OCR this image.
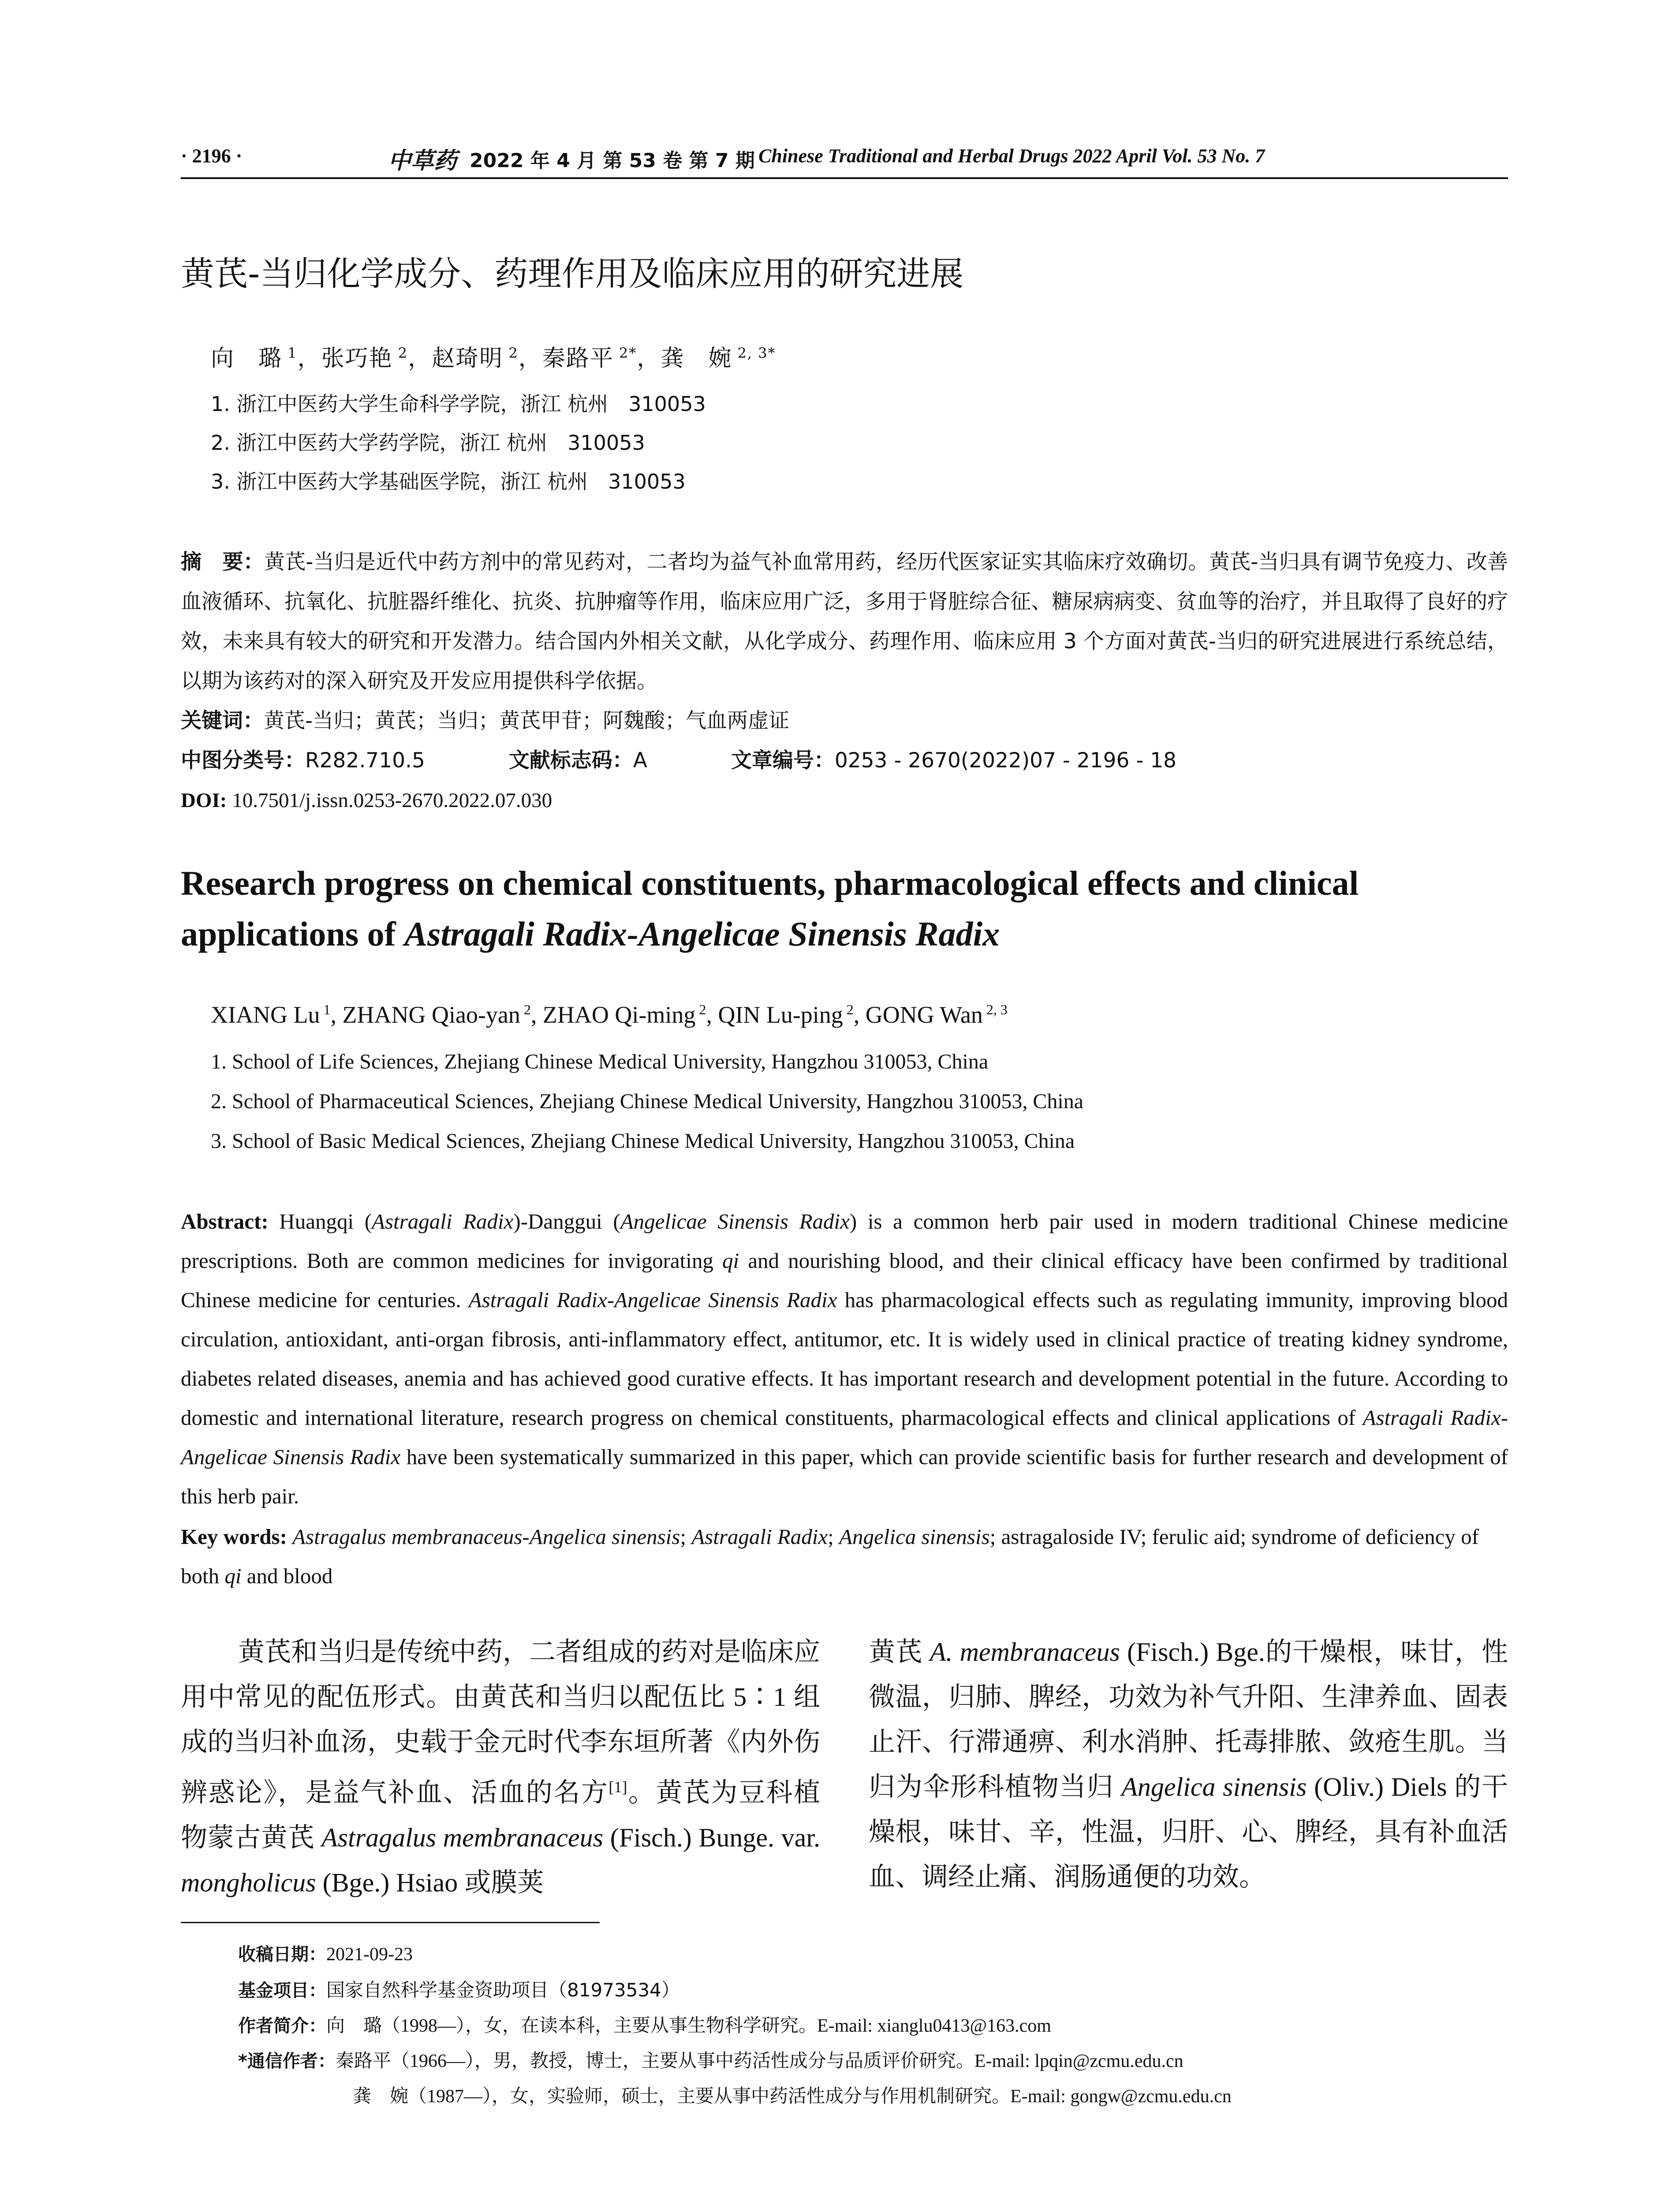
· 2196 ·	中草药 2022 年 4 月 第 53 卷 第 7 期 Chinese Traditional and Herbal Drugs 2022 April Vol. 53 No. 7
黄芪-当归化学成分、药理作用及临床应用的研究进展
向　璐 $^1$，张巧艳 $^2$，赵琦明 $^2$，秦路平 $^{2*}$，龚　婉 $^{2, 3*}$
1. 浙江中医药大学生命科学学院，浙江 杭州　310053
2. 浙江中医药大学药学院，浙江 杭州　310053
3. 浙江中医药大学基础医学院，浙江 杭州　310053
摘　要：黄芪-当归是近代中药方剂中的常见药对，二者均为益气补血常用药，经历代医家证实其临床疗效确切。黄芪-当归具有调节免疫力、改善血液循环、抗氧化、抗脏器纤维化、抗炎、抗肿瘤等作用，临床应用广泛，多用于肾脏综合征、糖尿病病变、贫血等的治疗，并且取得了良好的疗效，未来具有较大的研究和开发潜力。结合国内外相关文献，从化学成分、药理作用、临床应用 3 个方面对黄芪-当归的研究进展进行系统总结，以期为该药对的深入研究及开发应用提供科学依据。
关键词：黄芪-当归；黄芪；当归；黄芪甲苷；阿魏酸；气血两虚证
中图分类号：R282.710.5	文献标志码：A	文章编号：0253 - 2670(2022)07 - 2196 - 18
DOI: 10.7501/j.issn.0253-2670.2022.07.030
Research progress on chemical constituents, pharmacological effects and clinical
applications of Astragali Radix-Angelicae Sinensis Radix
XIANG Lu $^1$, ZHANG Qiao-yan $^2$, ZHAO Qi-ming $^2$, QIN Lu-ping $^2$, GONG Wan $^{2, 3}$
1. School of Life Sciences, Zhejiang Chinese Medical University, Hangzhou 310053, China
2. School of Pharmaceutical Sciences, Zhejiang Chinese Medical University, Hangzhou 310053, China
3. School of Basic Medical Sciences, Zhejiang Chinese Medical University, Hangzhou 310053, China
Abstract: Huangqi (Astragali Radix)-Danggui (Angelicae Sinensis Radix) is a common herb pair used in modern traditional Chinese medicine prescriptions. Both are common medicines for invigorating qi and nourishing blood, and their clinical efficacy have been confirmed by traditional Chinese medicine for centuries. Astragali Radix-Angelicae Sinensis Radix has pharmacological effects such as regulating immunity, improving blood circulation, antioxidant, anti-organ fibrosis, anti-inflammatory effect, antitumor, etc. It is widely used in clinical practice of treating kidney syndrome, diabetes related diseases, anemia and has achieved good curative effects. It has important research and development potential in the future. According to domestic and international literature, research progress on chemical constituents, pharmacological effects and clinical applications of Astragali Radix-Angelicae Sinensis Radix have been systematically summarized in this paper, which can provide scientific basis for further research and development of this herb pair.
Key words: Astragalus membranaceus-Angelica sinensis; Astragali Radix; Angelica sinensis; astragaloside IV; ferulic aid; syndrome of deficiency of both qi and blood
黄芪和当归是传统中药，二者组成的药对是临床应用中常见的配伍形式。由黄芪和当归以配伍比 5∶1 组成的当归补血汤，史载于金元时代李东垣所著《内外伤辨惑论》，是益气补血、活血的名方[1]。黄芪为豆科植物蒙古黄芪 Astragalus membranaceus (Fisch.) Bunge. var. mongholicus (Bge.) Hsiao 或膜荚
黄芪 A. membranaceus (Fisch.) Bge.的干燥根，味甘，性微温，归肺、脾经，功效为补气升阳、生津养血、固表止汗、行滞通痹、利水消肿、托毒排脓、敛疮生肌。当归为伞形科植物当归 Angelica sinensis (Oliv.) Diels 的干燥根，味甘、辛，性温，归肝、心、脾经，具有补血活血、调经止痛、润肠通便的功效。
收稿日期：2021-09-23
基金项目：国家自然科学基金资助项目（81973534）
作者简介：向　璐（1998—），女，在读本科，主要从事生物科学研究。E-mail: xianglu0413@163.com
*通信作者：秦路平（1966—），男，教授，博士，主要从事中药活性成分与品质评价研究。E-mail: lpqin@zcmu.edu.cn
龚　婉（1987—），女，实验师，硕士，主要从事中药活性成分与作用机制研究。E-mail: gongw@zcmu.edu.cn
